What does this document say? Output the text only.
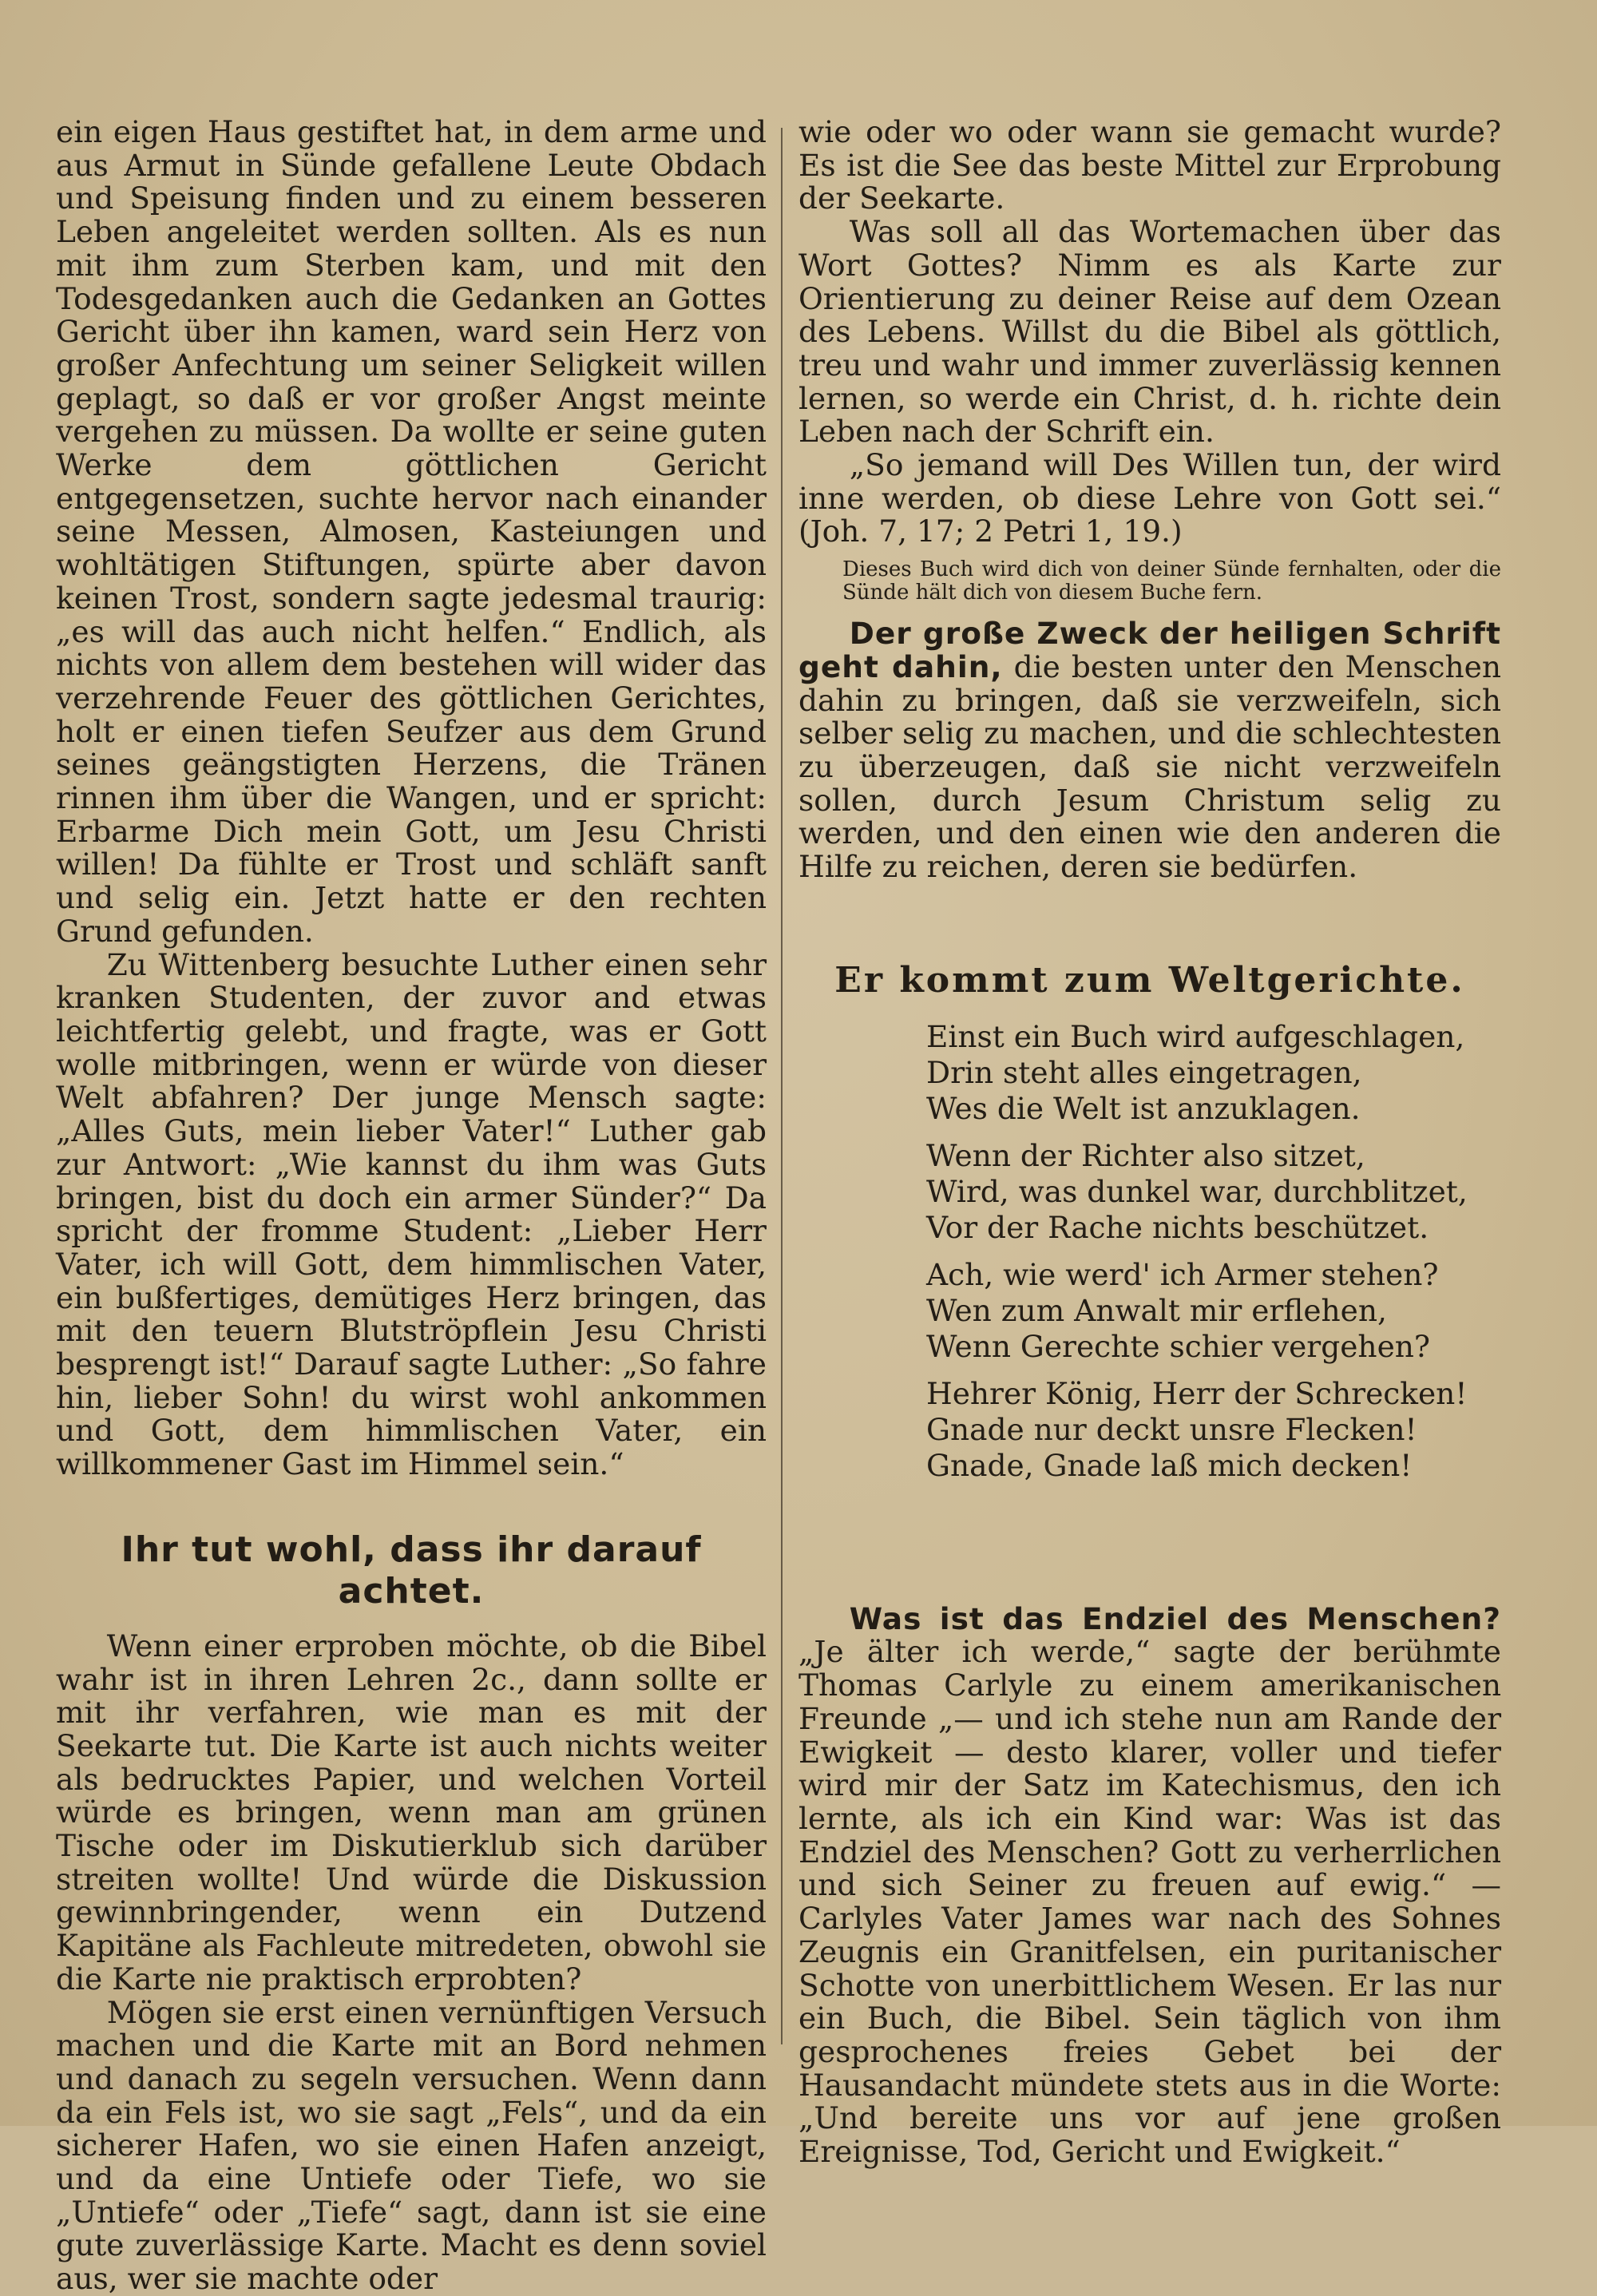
ein eigen Haus gestiftet hat, in dem arme und aus Armut in Sünde gefallene Leute Obdach und Speisung finden und zu einem besseren Leben angeleitet werden sollten. Als es nun mit ihm zum Sterben kam, und mit den Todesgedanken auch die Gedanken an Gottes Gericht über ihn kamen, ward sein Herz von großer Anfechtung um seiner Seligkeit willen geplagt, so daß er vor großer Angst meinte vergehen zu müssen. Da wollte er seine guten Werke dem göttlichen Gericht entgegensetzen, suchte hervor nach einander seine Messen, Almosen, Kasteiungen und wohltätigen Stiftungen, spürte aber davon keinen Trost, sondern sagte jedesmal traurig: „es will das auch nicht helfen.“ Endlich, als nichts von allem dem bestehen will wider das verzehrende Feuer des göttlichen Gerichtes, holt er einen tiefen Seufzer aus dem Grund seines geängstigten Herzens, die Tränen rinnen ihm über die Wangen, und er spricht: Erbarme Dich mein Gott, um Jesu Christi willen! Da fühlte er Trost und schläft sanft und selig ein. Jetzt hatte er den rechten Grund gefunden.

Zu Wittenberg besuchte Luther einen sehr kranken Studenten, der zuvor and etwas leichtfertig gelebt, und fragte, was er Gott wolle mitbringen, wenn er würde von dieser Welt abfahren? Der junge Mensch sagte: „Alles Guts, mein lieber Vater!“ Luther gab zur Antwort: „Wie kannst du ihm was Guts bringen, bist du doch ein armer Sünder?“ Da spricht der fromme Student: „Lieber Herr Vater, ich will Gott, dem himmlischen Vater, ein bußfertiges, demütiges Herz bringen, das mit den teuern Blutströpflein Jesu Christi besprengt ist!“ Darauf sagte Luther: „So fahre hin, lieber Sohn! du wirst wohl ankommen und Gott, dem himmlischen Vater, ein willkommener Gast im Himmel sein.“

Ihr tut wohl, dass ihr darauf achtet.

Wenn einer erproben möchte, ob die Bibel wahr ist in ihren Lehren 2c., dann sollte er mit ihr verfahren, wie man es mit der Seekarte tut. Die Karte ist auch nichts weiter als bedrucktes Papier, und welchen Vorteil würde es bringen, wenn man am grünen Tische oder im Diskutierklub sich darüber streiten wollte! Und würde die Diskussion gewinnbringender, wenn ein Dutzend Kapitäne als Fachleute mitredeten, obwohl sie die Karte nie praktisch erprobten?

Mögen sie erst einen vernünftigen Versuch machen und die Karte mit an Bord nehmen und danach zu segeln versuchen. Wenn dann da ein Fels ist, wo sie sagt „Fels“, und da ein sicherer Hafen, wo sie einen Hafen anzeigt, und da eine Untiefe oder Tiefe, wo sie „Untiefe“ oder „Tiefe“ sagt, dann ist sie eine gute zuverlässige Karte. Macht es denn soviel aus, wer sie machte oder

wie oder wo oder wann sie gemacht wurde? Es ist die See das beste Mittel zur Erprobung der Seekarte.

Was soll all das Wortemachen über das Wort Gottes? Nimm es als Karte zur Orientierung zu deiner Reise auf dem Ozean des Lebens. Willst du die Bibel als göttlich, treu und wahr und immer zuverlässig kennen lernen, so werde ein Christ, d. h. richte dein Leben nach der Schrift ein.

„So jemand will Des Willen tun, der wird inne werden, ob diese Lehre von Gott sei.“ (Joh. 7, 17; 2 Petri 1, 19.)

Dieses Buch wird dich von deiner Sünde fernhalten, oder die Sünde hält dich von diesem Buche fern.

Der große Zweck der heiligen Schrift geht dahin, die besten unter den Menschen dahin zu bringen, daß sie verzweifeln, sich selber selig zu machen, und die schlechtesten zu überzeugen, daß sie nicht verzweifeln sollen, durch Jesum Christum selig zu werden, und den einen wie den anderen die Hilfe zu reichen, deren sie bedürfen.

Er kommt zum Weltgerichte.
Einst ein Buch wird aufgeschlagen,
Drin steht alles eingetragen,
Wes die Welt ist anzuklagen.
Wenn der Richter also sitzet,
Wird, was dunkel war, durchblitzet,
Vor der Rache nichts beschützet.
Ach, wie werd' ich Armer stehen?
Wen zum Anwalt mir erflehen,
Wenn Gerechte schier vergehen?
Hehrer König, Herr der Schrecken!
Gnade nur deckt unsre Flecken!
Gnade, Gnade laß mich decken!

Was ist das Endziel des Menschen? „Je älter ich werde,“ sagte der berühmte Thomas Carlyle zu einem amerikanischen Freunde „— und ich stehe nun am Rande der Ewigkeit — desto klarer, voller und tiefer wird mir der Satz im Katechismus, den ich lernte, als ich ein Kind war: Was ist das Endziel des Menschen? Gott zu verherrlichen und sich Seiner zu freuen auf ewig.“ — Carlyles Vater James war nach des Sohnes Zeugnis ein Granitfelsen, ein puritanischer Schotte von unerbittlichem Wesen. Er las nur ein Buch, die Bibel. Sein täglich von ihm gesprochenes freies Gebet bei der Hausandacht mündete stets aus in die Worte: „Und bereite uns vor auf jene großen Ereignisse, Tod, Gericht und Ewigkeit.“
